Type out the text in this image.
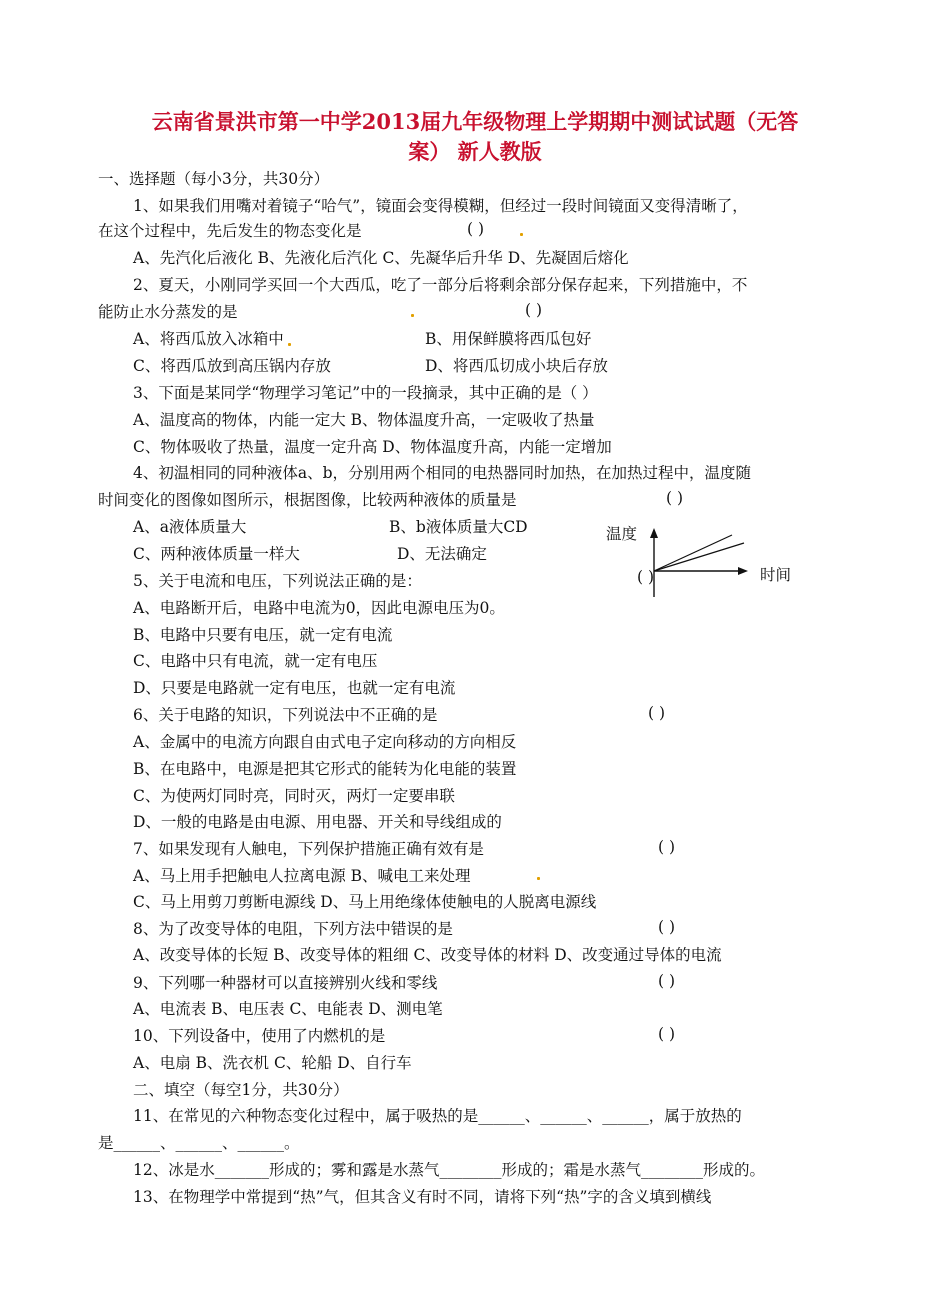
云南省景洪市第一中学2013届九年级物理上学期期中测试试题（无答
案） 新人教版
一、选择题（每小3分，共30分）
1、如果我们用嘴对着镜子“哈气”，镜面会变得模糊，但经过一段时间镜面又变得清晰了，
在这个过程中，先后发生的物态变化是	( )
A、先汽化后液化 B、先液化后汽化 C、先凝华后升华 D、先凝固后熔化
2、夏天，小刚同学买回一个大西瓜，吃了一部分后将剩余部分保存起来，下列措施中，不
能防止水分蒸发的是	( )
A、将西瓜放入冰箱中	B、用保鲜膜将西瓜包好
C、将西瓜放到高压锅内存放	D、将西瓜切成小块后存放
3、下面是某同学“物理学习笔记”中的一段摘录，其中正确的是（ ）
A、温度高的物体，内能一定大 B、物体温度升高，一定吸收了热量
C、物体吸收了热量，温度一定升高 D、物体温度升高，内能一定增加
4、初温相同的同种液体a、b，分别用两个相同的电热器同时加热，在加热过程中，温度随
时间变化的图像如图所示，根据图像，比较两种液体的质量是	( )
A、a液体质量大	B、b液体质量大CD
C、两种液体质量一样大	D、无法确定
温度
时间
5、关于电流和电压，下列说法正确的是：	( )
A、电路断开后，电路中电流为0，因此电源电压为0。
B、电路中只要有电压，就一定有电流
C、电路中只有电流，就一定有电压
D、只要是电路就一定有电压，也就一定有电流
6、关于电路的知识，下列说法中不正确的是	( )
A、金属中的电流方向跟自由式电子定向移动的方向相反
B、在电路中，电源是把其它形式的能转为化电能的装置
C、为使两灯同时亮，同时灭，两灯一定要串联
D、一般的电路是由电源、用电器、开关和导线组成的
7、如果发现有人触电，下列保护措施正确有效有是	( )
A、马上用手把触电人拉离电源 B、喊电工来处理
C、马上用剪刀剪断电源线 D、马上用绝缘体使触电的人脱离电源线
8、为了改变导体的电阻，下列方法中错误的是	( )
A、改变导体的长短 B、改变导体的粗细 C、改变导体的材料 D、改变通过导体的电流
9、下列哪一种器材可以直接辨别火线和零线	( )
A、电流表 B、电压表 C、电能表 D、测电笔
10、下列设备中，使用了内燃机的是	( )
A、电扇 B、洗衣机 C、轮船 D、自行车
二、填空（每空1分，共30分）
11、在常见的六种物态变化过程中，属于吸热的是______、______、______，属于放热的
是______、______、______。
12、冰是水_______形成的；雾和露是水蒸气________形成的；霜是水蒸气________形成的。
13、在物理学中常提到“热”气，但其含义有时不同，请将下列“热”字的含义填到横线
